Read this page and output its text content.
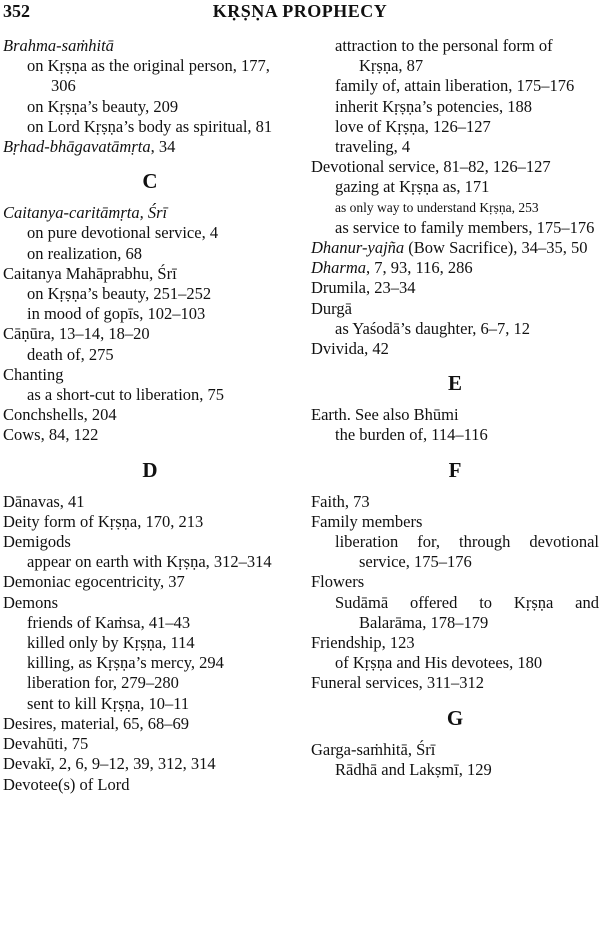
352	KṚṢṆA PROPHECY
Brahma-saṁhitā
on Kṛṣṇa as the original person, 177, 306
on Kṛṣṇa’s beauty, 209
on Lord Kṛṣṇa’s body as spiritual, 81
Bṛhad-bhāgavatāmṛta, 34
C
Caitanya-caritāmṛta, Śrī
on pure devotional service, 4
on realization, 68
Caitanya Mahāprabhu, Śrī
on Kṛṣṇa’s beauty, 251–252
in mood of gopīs, 102–103
Cāṇūra, 13–14, 18–20
death of, 275
Chanting
as a short-cut to liberation, 75
Conchshells, 204
Cows, 84, 122
D
Dānavas, 41
Deity form of Kṛṣṇa, 170, 213
Demigods
appear on earth with Kṛṣṇa, 312–314
Demoniac egocentricity, 37
Demons
friends of Kaṁsa, 41–43
killed only by Kṛṣṇa, 114
killing, as Kṛṣṇa’s mercy, 294
liberation for, 279–280
sent to kill Kṛṣṇa, 10–11
Desires, material, 65, 68–69
Devahūti, 75
Devakī, 2, 6, 9–12, 39, 312, 314
Devotee(s) of Lord
attraction to the personal form of Kṛṣṇa, 87
family of, attain liberation, 175–176
inherit Kṛṣṇa’s potencies, 188
love of Kṛṣṇa, 126–127
traveling, 4
Devotional service, 81–82, 126–127
gazing at Kṛṣṇa as, 171
as only way to understand Kṛṣṇa, 253
as service to family members, 175–176
Dhanur-yajña (Bow Sacrifice), 34–35, 50
Dharma, 7, 93, 116, 286
Drumila, 23–34
Durgā
as Yaśodā’s daughter, 6–7, 12
Dvivida, 42
E
Earth. See also Bhūmi
the burden of, 114–116
F
Faith, 73
Family members
liberation for, through devotional service, 175–176
Flowers
Sudāmā offered to Kṛṣṇa and Balarāma, 178–179
Friendship, 123
of Kṛṣṇa and His devotees, 180
Funeral services, 311–312
G
Garga-saṁhitā, Śrī
Rādhā and Lakṣmī, 129
